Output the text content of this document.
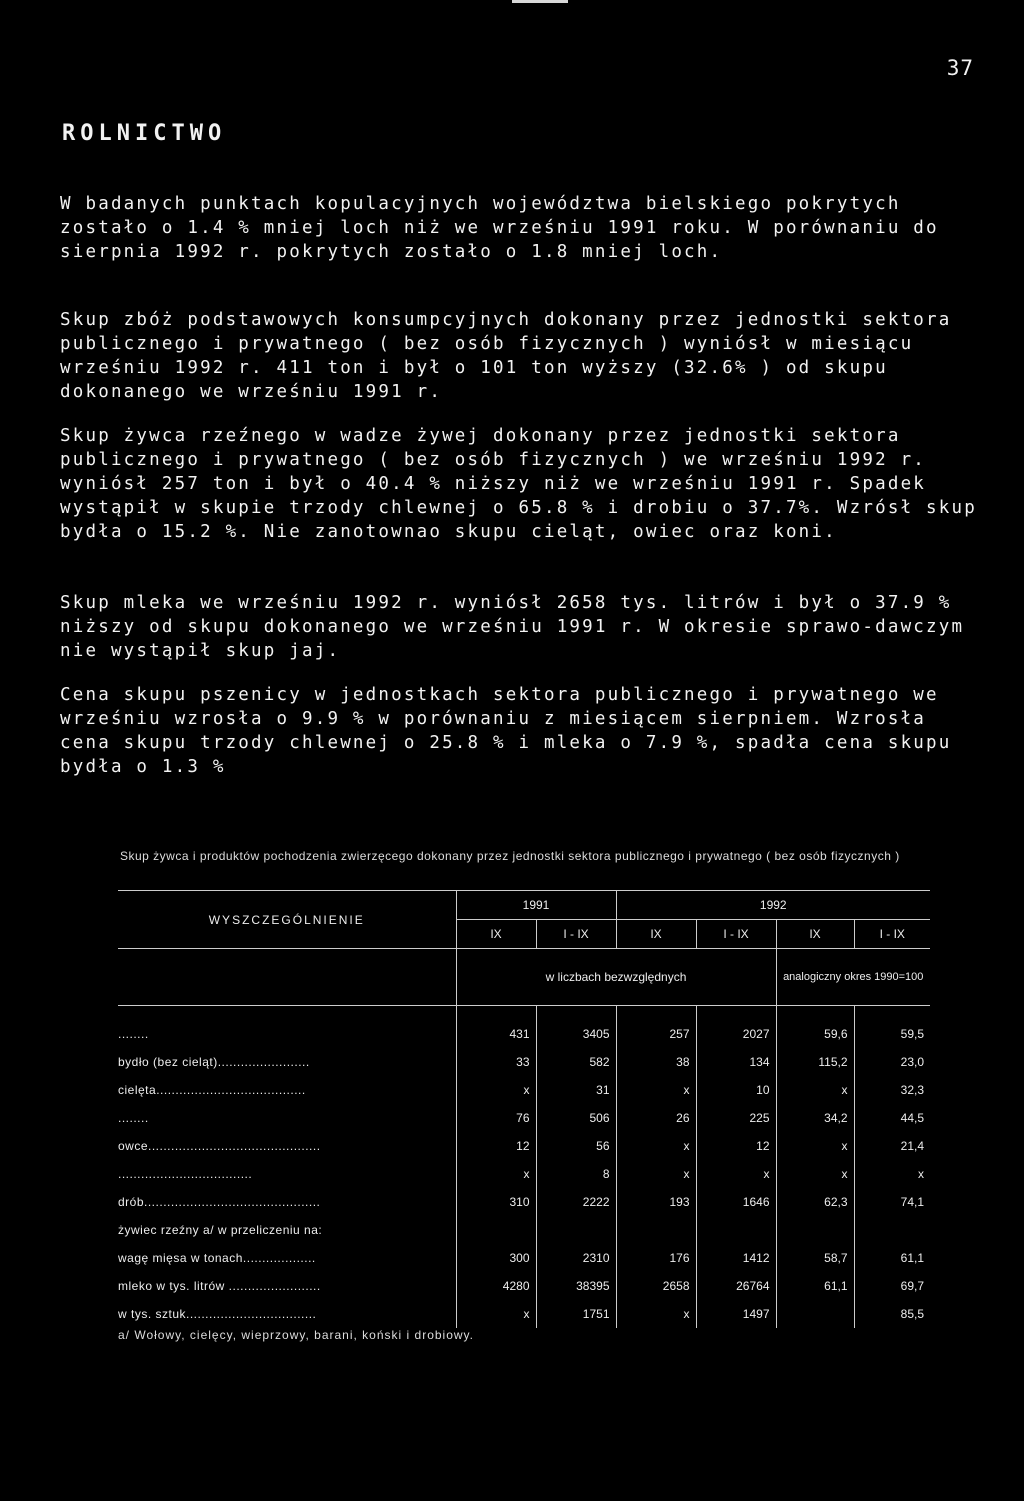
37
ROLNICTWO

W badanych punktach kopulacyjnych województwa bielskiego pokrytych zostało o 1.4 % mniej loch niż we wrześniu 1991 roku. W porównaniu do sierpnia 1992 r. pokrytych zostało o 1.8 mniej loch.

Skup zbóż podstawowych konsumpcyjnych dokonany przez jednostki sektora publicznego i prywatnego ( bez osób fizycznych ) wyniósł w miesiącu wrześniu 1992 r. 411 ton i był o 101 ton wyższy (32.6% ) od skupu dokonanego we wrześniu 1991 r.

Skup żywca rzeźnego w wadze żywej dokonany przez jednostki sektora publicznego i prywatnego ( bez osób fizycznych ) we wrześniu 1992 r. wyniósł 257 ton i był o 40.4 % niższy niż we wrześniu 1991 r. Spadek wystąpił w skupie trzody chlewnej o 65.8 % i drobiu o 37.7%. Wzrósł skup bydła o 15.2 %. Nie zanotownao skupu cieląt, owiec oraz koni.

Skup mleka we wrześniu 1992 r. wyniósł 2658 tys. litrów i był o 37.9 % niższy od skupu dokonanego we wrześniu 1991 r. W okresie sprawo-dawczym nie wystąpił skup jaj.

Cena skupu pszenicy w jednostkach sektora publicznego i prywatnego we wrześniu wzrosła o 9.9 % w porównaniu z miesiącem sierpniem. Wzrosła cena skupu trzody chlewnej o 25.8 % i mleka o 7.9 %, spadła cena skupu bydła o 1.3 %

Skup żywca i produktów pochodzenia zwierzęcego dokonany przez jednostki sektora publicznego i prywatnego ( bez osób fizycznych )
WYSZCZEGÓLNIENIE	1991		1992			
	IX	I - IX	IX	I - IX	IX	I - IX
	w liczbach bezwzględnych				analogiczny okres 1990=100	

........	431	3405	257	2027	59,6	59,5
bydło (bez cieląt)........................	33	582	38	134	115,2	23,0
cielęta.......................................	x	31	x	10	x	32,3
........	76	506	26	225	34,2	44,5
owce.............................................	12	56	x	12	x	21,4
...................................	x	8	x	x	x	x
drób..............................................	310	2222	193	1646	62,3	74,1
żywiec rzeźny a/ w przeliczeniu na:						
wagę mięsa w tonach...................	300	2310	176	1412	58,7	61,1
mleko w tys. litrów ........................	4280	38395	2658	26764	61,1	69,7
w tys. sztuk..................................	x	1751	x	1497		85,5
a/ Wołowy, cielęcy, wieprzowy, barani, koński i drobiowy.
